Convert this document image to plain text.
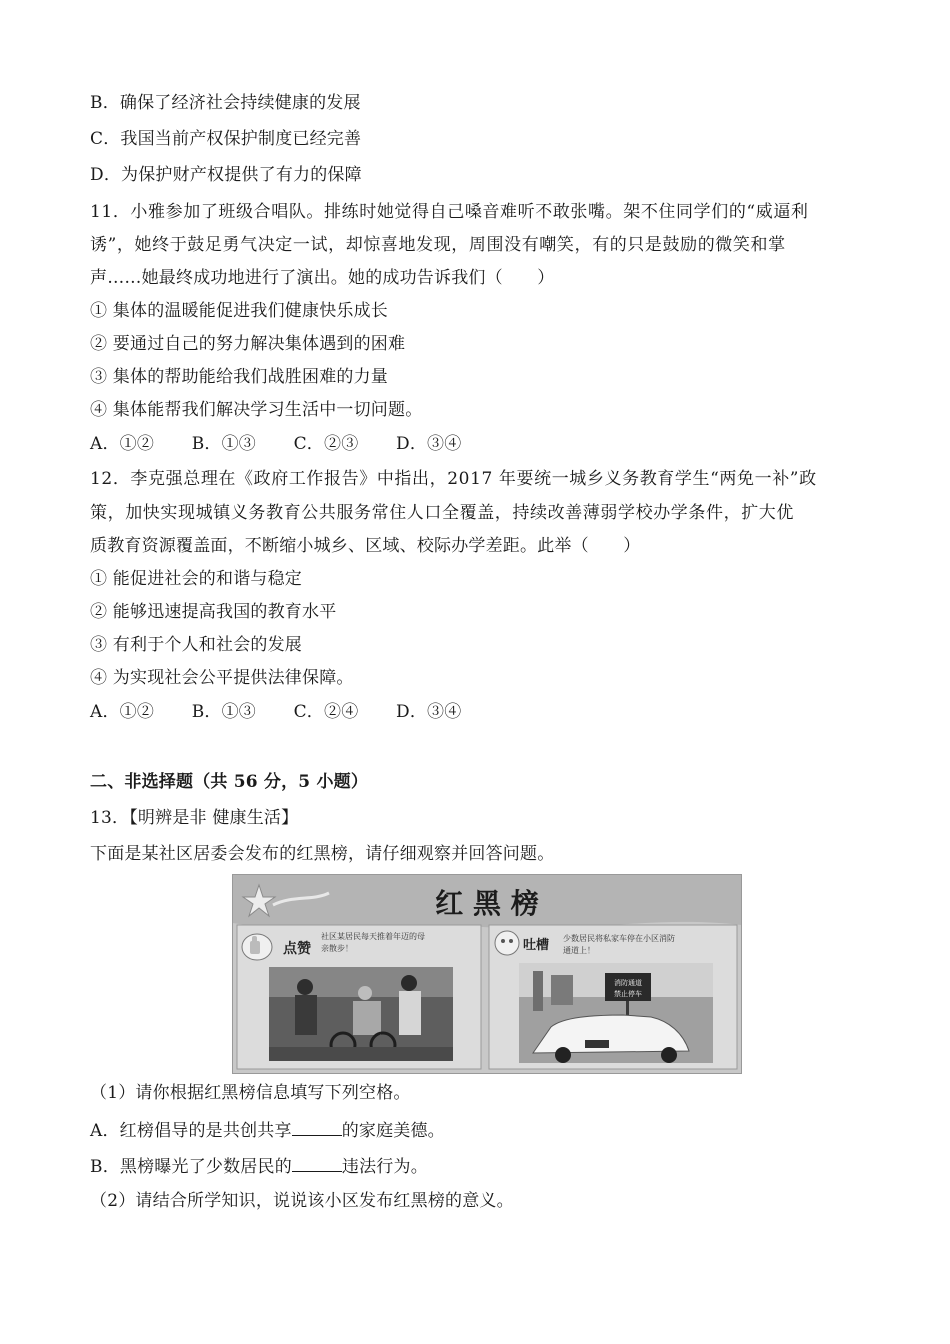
B．确保了经济社会持续健康的发展
C．我国当前产权保护制度已经完善
D．为保护财产权提供了有力的保障
11．小雅参加了班级合唱队。排练时她觉得自己嗓音难听不敢张嘴。架不住同学们的“威逼利
诱”，她终于鼓足勇气决定一试，却惊喜地发现，周围没有嘲笑，有的只是鼓励的微笑和掌
声……她最终成功地进行了演出。她的成功告诉我们（　　）
① 集体的温暖能促进我们健康快乐成长
② 要通过自己的努力解决集体遇到的困难
③ 集体的帮助能给我们战胜困难的力量
④ 集体能帮我们解决学习生活中一切问题。
A．①② B．①③ C．②③ D．③④
12．李克强总理在《政府工作报告》中指出，2017 年要统一城乡义务教育学生“两免一补”政
策，加快实现城镇义务教育公共服务常住人口全覆盖，持续改善薄弱学校办学条件，扩大优
质教育资源覆盖面，不断缩小城乡、区域、校际办学差距。此举（　　）
① 能促进社会的和谐与稳定
② 能够迅速提高我国的教育水平
③ 有利于个人和社会的发展
④ 为实现社会公平提供法律保障。
A．①② B．①③ C．②④ D．③④
二、非选择题（共 56 分，5 小题）
13．【明辨是非 健康生活】
下面是某社区居委会发布的红黑榜，请仔细观察并回答问题。
红 黑 榜
点赞
社区某居民每天推着年迈的母
亲散步！	吐槽 少数居民将私家车停在小区消防
通道上！
消防通道
禁止停车
（1）请你根据红黑榜信息填写下列空格。
A．红榜倡导的是共创共享	的家庭美德。
B．黑榜曝光了少数居民的	违法行为。
（2）请结合所学知识，说说该小区发布红黑榜的意义。
